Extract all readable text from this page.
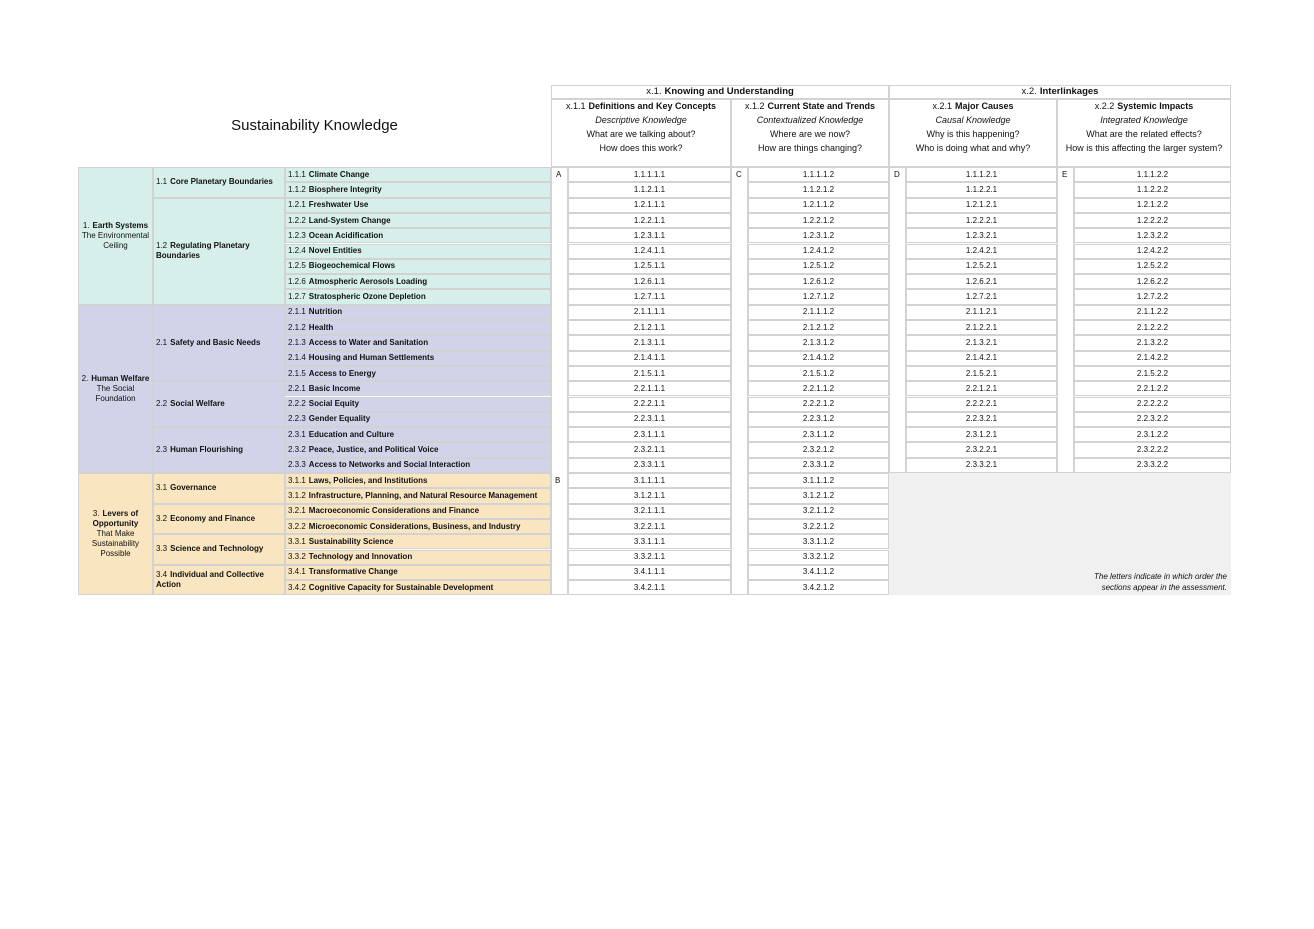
Sustainability Knowledge
x.1. Knowing and Understanding	x.2. Interlinkages
x.1.1 Definitions and Key Concepts
Descriptive Knowledge
What are we talking about?
How does this work?
x.1.2 Current State and Trends
Contextualized Knowledge
Where are we now?
How are things changing?
x.2.1 Major Causes
Causal Knowledge
Why is this happening?
Who is doing what and why?
x.2.2 Systemic Impacts
Integrated Knowledge
What are the related effects?
How is this affecting the larger system?
1. Earth Systems
The Environmental Ceiling
1.1 Core Planetary Boundaries
1.1.1 Climate Change	1.1.1.1.1	1.1.1.1.2	1.1.1.2.1	1.1.1.2.2
1.1.2 Biosphere Integrity	1.1.2.1.1	1.1.2.1.2	1.1.2.2.1	1.1.2.2.2
1.2 Regulating Planetary Boundaries
1.2.1 Freshwater Use	1.2.1.1.1	1.2.1.1.2	1.2.1.2.1	1.2.1.2.2
1.2.2 Land-System Change	1.2.2.1.1	1.2.2.1.2	1.2.2.2.1	1.2.2.2.2
1.2.3 Ocean Acidification	1.2.3.1.1	1.2.3.1.2	1.2.3.2.1	1.2.3.2.2
1.2.4 Novel Entities	1.2.4.1.1	1.2.4.1.2	1.2.4.2.1	1.2.4.2.2
1.2.5 Biogeochemical Flows	1.2.5.1.1	1.2.5.1.2	1.2.5.2.1	1.2.5.2.2
1.2.6 Atmospheric Aerosols Loading	1.2.6.1.1	1.2.6.1.2	1.2.6.2.1	1.2.6.2.2
1.2.7 Stratospheric Ozone Depletion	1.2.7.1.1	1.2.7.1.2	1.2.7.2.1	1.2.7.2.2
2. Human Welfare
The Social Foundation
2.1 Safety and Basic Needs
2.1.1 Nutrition	2.1.1.1.1	2.1.1.1.2	2.1.1.2.1	2.1.1.2.2
2.1.2 Health	2.1.2.1.1	2.1.2.1.2	2.1.2.2.1	2.1.2.2.2
2.1.3 Access to Water and Sanitation	2.1.3.1.1	2.1.3.1.2	2.1.3.2.1	2.1.3.2.2
2.1.4 Housing and Human Settlements	2.1.4.1.1	2.1.4.1.2	2.1.4.2.1	2.1.4.2.2
2.1.5 Access to Energy	2.1.5.1.1	2.1.5.1.2	2.1.5.2.1	2.1.5.2.2
2.2 Social Welfare
2.2.1 Basic Income	2.2.1.1.1	2.2.1.1.2	2.2.1.2.1	2.2.1.2.2
2.2.2 Social Equity	2.2.2.1.1	2.2.2.1.2	2.2.2.2.1	2.2.2.2.2
2.2.3 Gender Equality	2.2.3.1.1	2.2.3.1.2	2.2.3.2.1	2.2.3.2.2
2.3 Human Flourishing
2.3.1 Education and Culture	2.3.1.1.1	2.3.1.1.2	2.3.1.2.1	2.3.1.2.2
2.3.2 Peace, Justice, and Political Voice	2.3.2.1.1	2.3.2.1.2	2.3.2.2.1	2.3.2.2.2
2.3.3 Access to Networks and Social Interaction	2.3.3.1.1	2.3.3.1.2	2.3.3.2.1	2.3.3.2.2
3. Levers of Opportunity
That Make Sustainability Possible
3.1 Governance
3.1.1 Laws, Policies, and Institutions	3.1.1.1.1	3.1.1.1.2
3.1.2 Infrastructure, Planning, and Natural Resource Management	3.1.2.1.1	3.1.2.1.2
3.2 Economy and Finance
3.2.1 Macroeconomic Considerations and Finance	3.2.1.1.1	3.2.1.1.2
3.2.2 Microeconomic Considerations, Business, and Industry	3.2.2.1.1	3.2.2.1.2
3.3 Science and Technology
3.3.1 Sustainability Science	3.3.1.1.1	3.3.1.1.2
3.3.2 Technology and Innovation	3.3.2.1.1	3.3.2.1.2
3.4 Individual and Collective Action
3.4.1 Transformative Change	3.4.1.1.1	3.4.1.1.2
3.4.2 Cognitive Capacity for Sustainable Development	3.4.2.1.1	3.4.2.1.2
A	C	D	E
B
The letters indicate in which order the sections appear in the assessment.
